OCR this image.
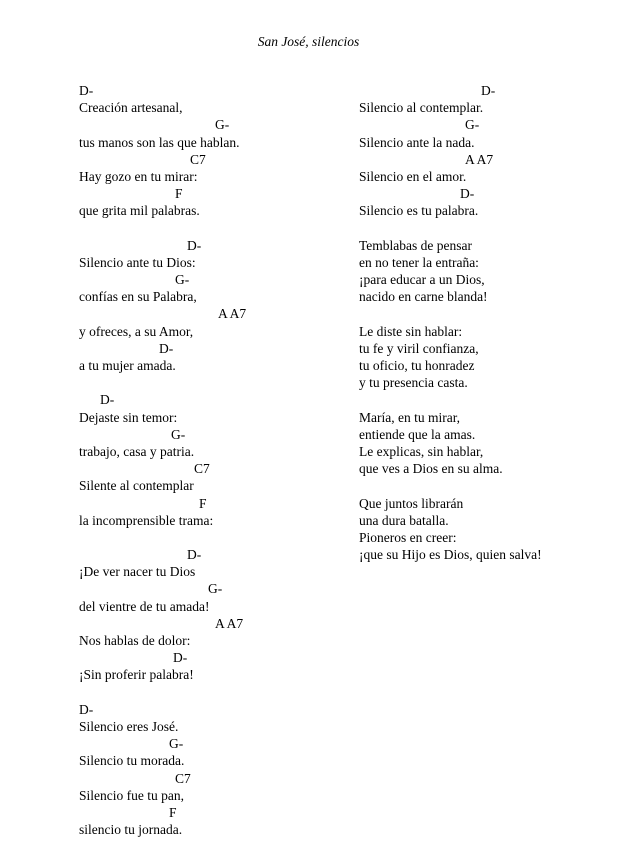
San José, silencios
D-
Creación artesanal,
G-
tus manos son las que hablan.
C7
Hay gozo en tu mirar:
F
que grita mil palabras.
D-
Silencio ante tu Dios:
G-
confías en su Palabra,
A A7
y ofreces, a su Amor,
D-
a tu mujer amada.
D-
Dejaste sin temor:
G-
trabajo, casa y patria.
C7
Silente al contemplar
F
la incomprensible trama:
D-
¡De ver nacer tu Dios
G-
del vientre de tu amada!
A A7
Nos hablas de dolor:
D-
¡Sin proferir palabra!
D-
Silencio eres José.
G-
Silencio tu morada.
C7
Silencio fue tu pan,
F
silencio tu jornada.
D-
Silencio al contemplar.
G-
Silencio ante la nada.
A A7
Silencio en el amor.
D-
Silencio es tu palabra.
Temblabas de pensar
en no tener la entraña:
¡para educar a un Dios,
nacido en carne blanda!
Le diste sin hablar:
tu fe y viril confianza,
tu oficio, tu honradez
y tu presencia casta.
María, en tu mirar,
entiende que la amas.
Le explicas, sin hablar,
que ves a Dios en su alma.
Que juntos librarán
una dura batalla.
Pioneros en creer:
¡que su Hijo es Dios, quien salva!
